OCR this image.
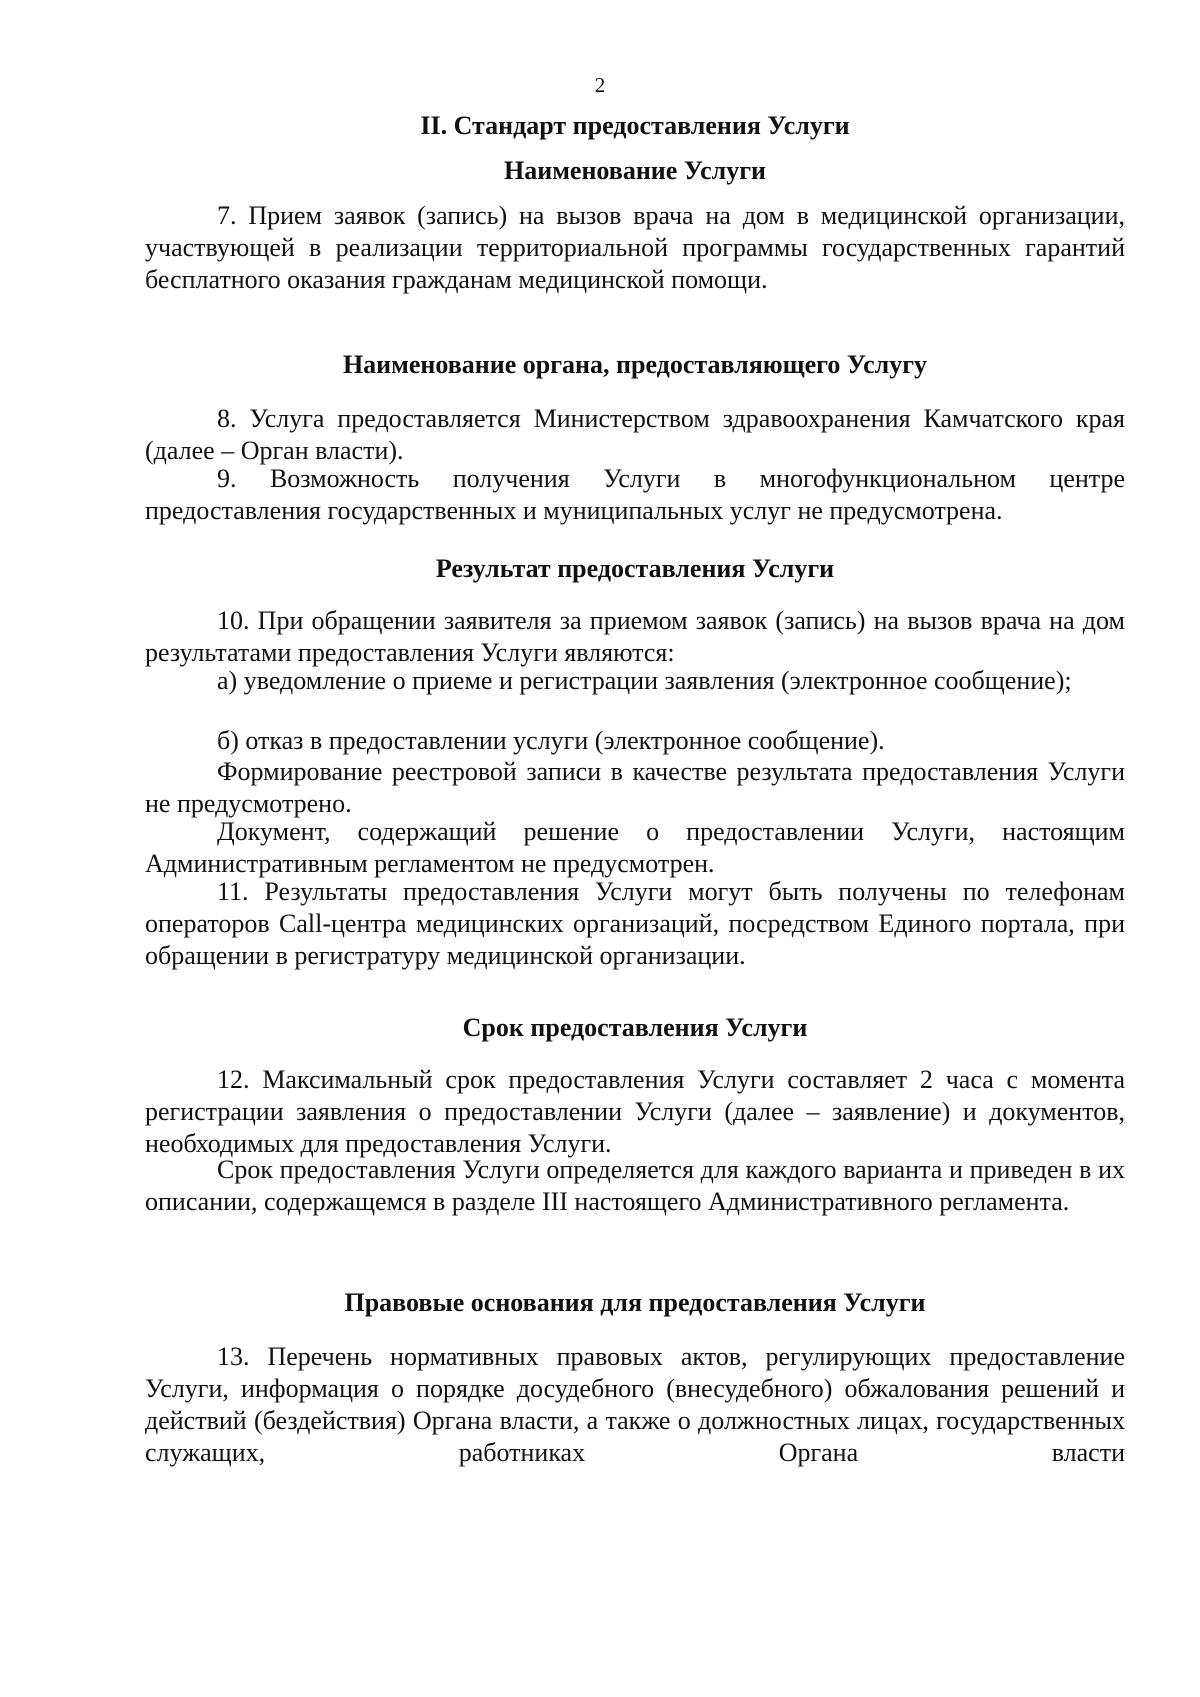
2
II. Стандарт предоставления Услуги
Наименование Услуги

7. Прием заявок (запись) на вызов врача на дом в медицинской организации, участвующей в реализации территориальной программы государственных гарантий бесплатного оказания гражданам медицинской помощи.

Наименование органа, предоставляющего Услугу

8. Услуга предоставляется Министерством здравоохранения Камчатского края (далее – Орган власти).

9. Возможность получения Услуги в многофункциональном центре предоставления государственных и муниципальных услуг не предусмотрена.

Результат предоставления Услуги

10. При обращении заявителя за приемом заявок (запись) на вызов врача на дом результатами предоставления Услуги являются:

а) уведомление о приеме и регистрации заявления (электронное сообщение);

б) отказ в предоставлении услуги (электронное сообщение).

Формирование реестровой записи в качестве результата предоставления Услуги не предусмотрено.

Документ, содержащий решение о предоставлении Услуги, настоящим Административным регламентом не предусмотрен.

11. Результаты предоставления Услуги могут быть получены по телефонам операторов Call-центра медицинских организаций, посредством Единого портала, при обращении в регистратуру медицинской организации.

Срок предоставления Услуги

12. Максимальный срок предоставления Услуги составляет 2 часа с момента регистрации заявления о предоставлении Услуги (далее – заявление) и документов, необходимых для предоставления Услуги.

Срок предоставления Услуги определяется для каждого варианта и приведен в их описании, содержащемся в разделе III настоящего Административного регламента.

Правовые основания для предоставления Услуги

13. Перечень нормативных правовых актов, регулирующих предоставление Услуги, информация о порядке досудебного (внесудебного) обжалования решений и действий (бездействия) Органа власти, а также о должностных лицах, государственных служащих, работниках Органа власти
